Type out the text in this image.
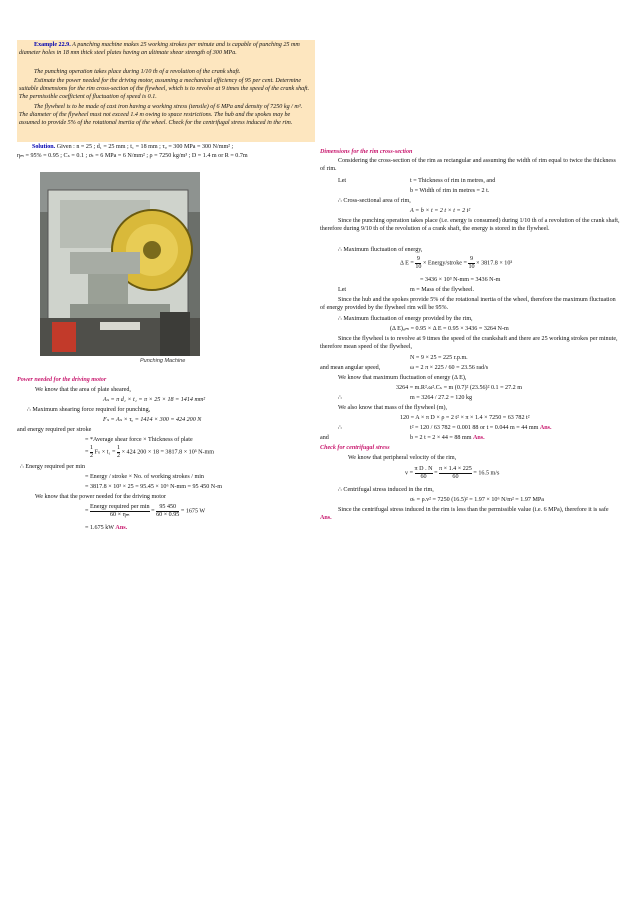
Example 22.9. A punching machine makes 25 working strokes per minute and is capable of punching 25 mm diameter holes in 18 mm thick steel plates having an ultimate shear strength of 300 MPa.
The punching operation takes place during 1/10 th of a revolution of the crank shaft.
Estimate the power needed for the driving motor, assuming a mechanical efficiency of 95 per cent. Determine suitable dimensions for the rim cross-section of the flywheel, which is to revolve at 9 times the speed of the crank shaft. The permissible coefficient of fluctuation of speed is 0.1.
The flywheel is to be made of cast iron having a working stress (tensile) of 6 MPa and density of 7250 kg / m³. The diameter of the flywheel must not exceed 1.4 m owing to space restrictions. The hub and the spokes may be assumed to provide 5% of the rotational inertia of the wheel. Check for the centrifugal stress induced in the rim.
Solution. Given : n = 25 ; d₁ = 25 mm ; t₁ = 18 mm ; τᵤ = 300 MPa = 300 N/mm² ;
ηₘ = 95% = 0.95 ; Cₛ = 0.1 ; σₜ = 6 MPa = 6 N/mm² ; ρ = 7250 kg/m³ ; D = 1.4 m or R = 0.7m
Punching Machine
Power needed for the driving motor
We know that the area of plate sheared,
Aₛ = π d₁ × t₁ = π × 25 × 18 = 1414 mm²
∴ Maximum shearing force required for punching,
Fₛ = Aₛ × τᵤ = 1414 × 300 = 424 200 N
and energy required per stroke
= *Average shear force × Thickness of plate
= $\frac{1}{2}$ $F_s \times t_1 = \frac{1}{2} \times 424$ 200 × 18 = 3817.8 × 10³ N-mm
∴ Energy required per min
= Energy / stroke × No. of working strokes / min
= 3817.8 × 10³ × 25 = 95.45 × 10⁶ N-mm = 95 450 N-m
We know that the power needed for the driving motor
= $\frac{\text{Energy required per min}}{\text{60 × ηₘ}} = \frac{95 450}{60 \times 0.95} = 1675$ W
= 1.675 kW Ans.
Dimensions for the rim cross-section
Considering the cross-section of the rim as rectangular and assuming the width of rim equal to twice the thickness of rim.
Let	t = Thickness of rim in metres, and
b = Width of rim in metres = 2 t.
∴ Cross-sectional area of rim,
A = b × t = 2 t × t = 2 t²
Since the punching operation takes place (i.e. energy is consumed) during 1/10 th of a revolution of the crank shaft, therefore during 9/10 th of the revolution of a crank shaft, the energy is stored in the flywheel.
∴ Maximum fluctuation of energy,
Δ $E = \frac{9}{10}$ × Energy/stroke = $\frac{9}{10} \times 3817.8 \times 10^3$
= 3436 × 10³ N-mm = 3436 N-m
Let	m = Mass of the flywheel.
Since the hub and the spokes provide 5% of the rotational inertia of the wheel, therefore the maximum fluctuation of energy provided by the flywheel rim will be 95%.
∴ Maximum fluctuation of energy provided by the rim,
(Δ E)ᵣᵢₘ = 0.95 × Δ E = 0.95 × 3436 = 3264 N-m
Since the flywheel is to revolve at 9 times the speed of the crankshaft and there are 25 working strokes per minute, therefore mean speed of the flywheel,
N = 9 × 25 = 225 r.p.m.
and mean angular speed,	ω = 2 π × 225 / 60 = 23.56 rad/s
We know that maximum fluctuation of energy (Δ E),
3264 = m.R².ω².Cₛ = m (0.7)² (23.56)² 0.1 = 27.2 m
∴	m = 3264 / 27.2 = 120 kg
We also know that mass of the flywheel (m),
120 = A × π D × ρ = 2 t² × π × 1.4 × 7250 = 63 782 t²
∴	t² = 120 / 63 782 = 0.001 88 or t = 0.044 m = 44 mm Ans.
and	b = 2 t = 2 × 44 = 88 mm Ans.
Check for centrifugal stress
We know that peripheral velocity of the rim,
$v = \frac{\text{π D . N}}{60} = \frac{\pi \times 1.4 \times 225}{60} = 16.5$ m/s
∴ Centrifugal stress induced in the rim,
σₜ = ρ.v² = 7250 (16.5)² = 1.97 × 10⁶ N/m² = 1.97 MPa
Since the centrifugal stress induced in the rim is less than the permissible value (i.e. 6 MPa), therefore it is safe Ans.
